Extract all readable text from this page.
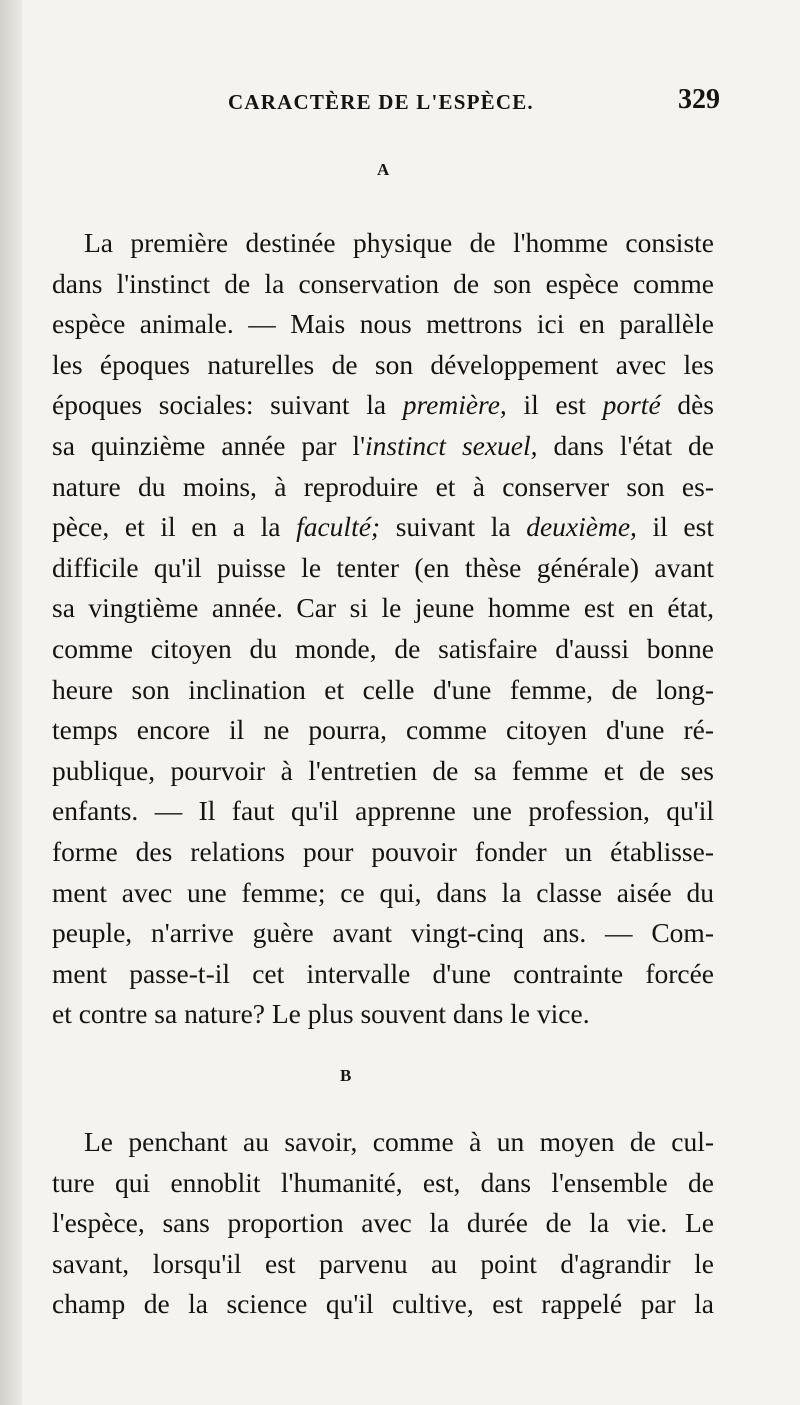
CARACTÈRE DE L'ESPÈCE.	329
A
La première destinée physique de l'homme consiste
dans l'instinct de la conservation de son espèce comme
espèce animale. — Mais nous mettrons ici en parallèle
les époques naturelles de son développement avec les
époques sociales: suivant la première, il est porté dès
sa quinzième année par l'instinct sexuel, dans l'état de
nature du moins, à reproduire et à conserver son es-
pèce, et il en a la faculté; suivant la deuxième, il est
difficile qu'il puisse le tenter (en thèse générale) avant
sa vingtième année. Car si le jeune homme est en état,
comme citoyen du monde, de satisfaire d'aussi bonne
heure son inclination et celle d'une femme, de long-
temps encore il ne pourra, comme citoyen d'une ré-
publique, pourvoir à l'entretien de sa femme et de ses
enfants. — Il faut qu'il apprenne une profession, qu'il
forme des relations pour pouvoir fonder un établisse-
ment avec une femme; ce qui, dans la classe aisée du
peuple, n'arrive guère avant vingt-cinq ans. — Com-
ment passe-t-il cet intervalle d'une contrainte forcée
et contre sa nature? Le plus souvent dans le vice.
B
Le penchant au savoir, comme à un moyen de cul-
ture qui ennoblit l'humanité, est, dans l'ensemble de
l'espèce, sans proportion avec la durée de la vie. Le
savant, lorsqu'il est parvenu au point d'agrandir le
champ de la science qu'il cultive, est rappelé par la
